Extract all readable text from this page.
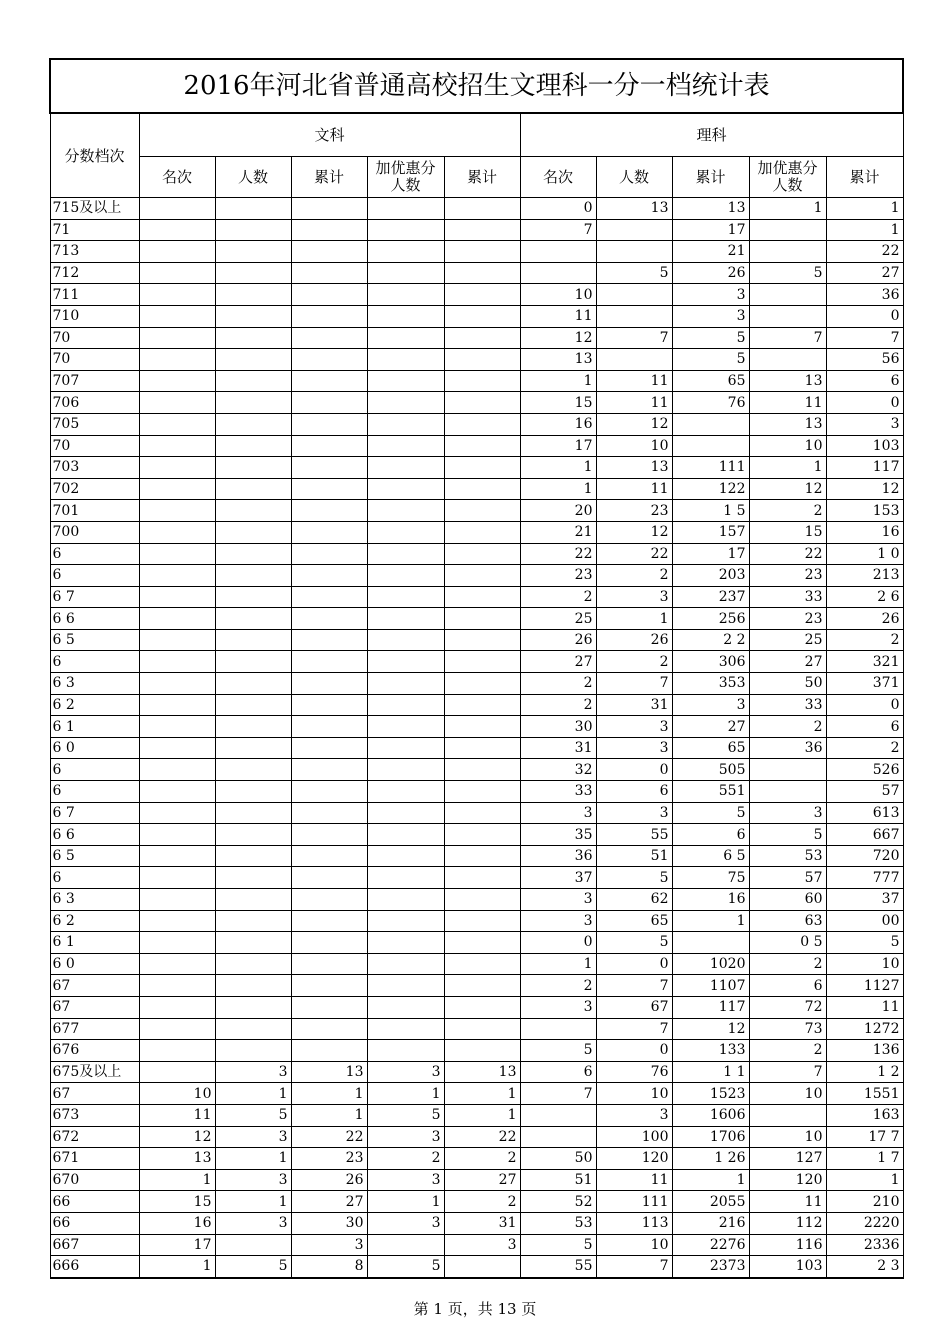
2016年河北省普通高校招生文理科一分一档统计表										
分数档次	文科					理科				
	名次	人数	累计	加优惠分人数	累计	名次	人数	累计	加优惠分人数	累计
715及以上						0	13	13	1	1
71						7		17		1
713								21		22
712							5	26	5	27
711						10		3		36
710						11		3		0
70						12	7	5	7	7
70						13		5		56
707						1	11	65	13	6
706						15	11	76	11	0
705						16	12		13	3
70						17	10		10	103
703						1	13	111	1	117
702						1	11	122	12	12
701						20	23	1 5	2	153
700						21	12	157	15	16
6						22	22	17	22	1 0
6						23	2	203	23	213
6 7						2	3	237	33	2 6
6 6						25	1	256	23	26
6 5						26	26	2 2	25	2
6						27	2	306	27	321
6 3						2	7	353	50	371
6 2						2	31	3	33	0
6 1						30	3	27	2	6
6 0						31	3	65	36	2
6						32	0	505		526
6						33	6	551		57
6 7						3	3	5	3	613
6 6						35	55	6	5	667
6 5						36	51	6 5	53	720
6						37	5	75	57	777
6 3						3	62	16	60	37
6 2						3	65	1	63	00
6 1						0	5		0 5	5
6 0						1	0	1020	2	10
67						2	7	1107	6	1127
67						3	67	117	72	11
677							7	12	73	1272
676						5	0	133	2	136
675及以上		3	13	3	13	6	76	1 1	7	1 2
67	10	1	1	1	1	7	10	1523	10	1551
673	11	5	1	5	1		3	1606		163
672	12	3	22	3	22		100	1706	10	17 7
671	13	1	23	2	2	50	120	1 26	127	1 7
670	1	3	26	3	27	51	11	1	120	1
66	15	1	27	1	2	52	111	2055	11	210
66	16	3	30	3	31	53	113	216	112	2220
667	17		3		3	5	10	2276	116	2336
666	1	5	8	5		55	7	2373	103	2 3
第 1 页，共 13 页
